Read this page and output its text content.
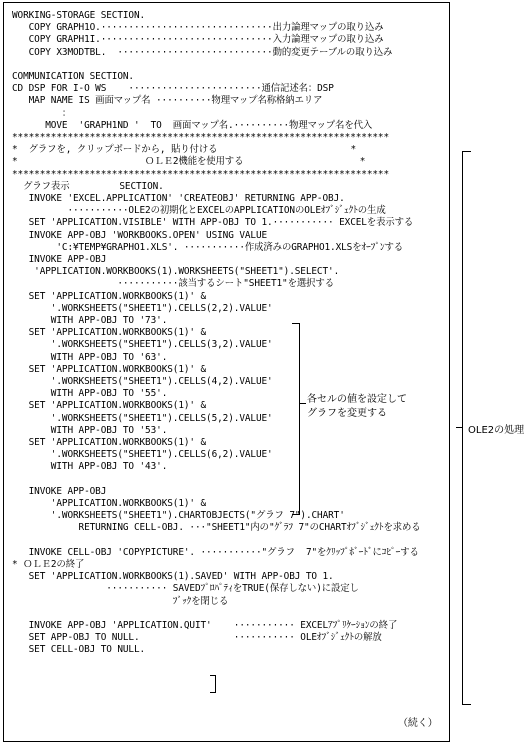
WORKING-STORAGE SECTION.
COPY GRAPH1O.·······························出力論理マップの取り込み
COPY GRAPH1I.·······························入力論理マップの取り込み
COPY X3MODTBL.  ····························動的変更テーブルの取り込み
COMMUNICATION SECTION.
CD DSP FOR I-O WS    ························通信記述名：DSP
MAP NAME IS 画面マップ名 ··········物理マップ名称格納エリア
：
MOVE  'GRAPH1ND '  TO  画面マップ名.··········物理マップ名を代入
********************************************************************
*  グラフを, クリップボードから, 貼り付ける                        *
*                       ＯＬＥ2機能を使用する                     *
********************************************************************
グラフ表示         SECTION.
INVOKE 'EXCEL.APPLICATION' 'CREATEOBJ' RETURNING APP-OBJ.
···········OLE2の初期化とEXCELのAPPLICATIONのOLEｵﾌﾞｼﾞｪｸﾄの生成
SET 'APPLICATION.VISIBLE' WITH APP-OBJ TO 1.··········· EXCELを表示する
INVOKE APP-OBJ 'WORKBOOKS.OPEN' USING VALUE
'C:¥TEMP¥GRAPHO1.XLS'. ···········作成済みのGRAPHO1.XLSをｵｰﾌﾟﾝする
INVOKE APP-OBJ
'APPLICATION.WORKBOOKS(1).WORKSHEETS("SHEET1").SELECT'.
···········該当するシート"SHEET1"を選択する
SET 'APPLICATION.WORKBOOKS(1)' &
'.WORKSHEETS("SHEET1").CELLS(2,2).VALUE'
WITH APP-OBJ TO '73'.
SET 'APPLICATION.WORKBOOKS(1)' &
'.WORKSHEETS("SHEET1").CELLS(3,2).VALUE'
WITH APP-OBJ TO '63'.
SET 'APPLICATION.WORKBOOKS(1)' &
'.WORKSHEETS("SHEET1").CELLS(4,2).VALUE'
WITH APP-OBJ TO '55'.
SET 'APPLICATION.WORKBOOKS(1)' &
'.WORKSHEETS("SHEET1").CELLS(5,2).VALUE'
WITH APP-OBJ TO '53'.
SET 'APPLICATION.WORKBOOKS(1)' &
'.WORKSHEETS("SHEET1").CELLS(6,2).VALUE'
WITH APP-OBJ TO '43'.
INVOKE APP-OBJ
'APPLICATION.WORKBOOKS(1)' &
'.WORKSHEETS("SHEET1").CHARTOBJECTS("グラフ 7").CHART'
RETURNING CELL-OBJ. ···"SHEET1"内の"ｸﾞﾗﾌ 7"のCHARTｵﾌﾞｼﾞｪｸﾄを求める
INVOKE CELL-OBJ 'COPYPICTURE'. ···········"グラフ  7"をｸﾘｯﾌﾟﾎﾞｰﾄﾞにｺﾋﾟｰする
* ＯＬＥ2の終了
SET 'APPLICATION.WORKBOOKS(1).SAVED' WITH APP-OBJ TO 1.
··········· SAVEDﾌﾟﾛﾊﾟﾃｨをTRUE(保存しない)に設定し
ﾌﾞｯｸを閉じる
INVOKE APP-OBJ 'APPLICATION.QUIT'    ··········· EXCELｱﾌﾟﾘｹｰｼｮﾝの終了
SET APP-OBJ TO NULL.                 ··········· OLEｵﾌﾞｼﾞｪｸﾄの解放
SET CELL-OBJ TO NULL.
各セルの値を設定して
グラフを変更する
OLE2の処理
（続く）
